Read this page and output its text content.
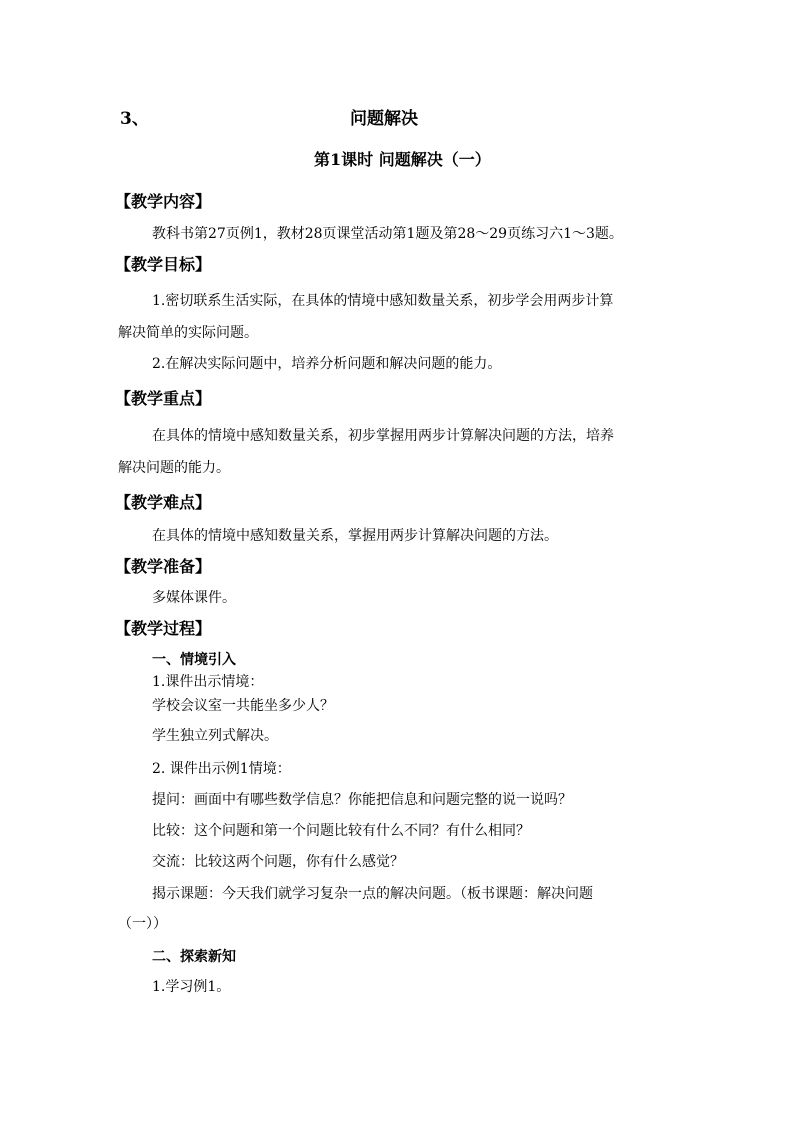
3、	问题解决
第1课时 问题解决（一）
【教学内容】
教科书第27页例1，教材28页课堂活动第1题及第28～29页练习六1～3题。
【教学目标】
1.密切联系生活实际，在具体的情境中感知数量关系，初步学会用两步计算
解决简单的实际问题。
2.在解决实际问题中，培养分析问题和解决问题的能力。
【教学重点】
在具体的情境中感知数量关系，初步掌握用两步计算解决问题的方法，培养
解决问题的能力。
【教学难点】
在具体的情境中感知数量关系，掌握用两步计算解决问题的方法。
【教学准备】
多媒体课件。
【教学过程】
一、情境引入
1.课件出示情境：
学校会议室一共能坐多少人？
学生独立列式解决。
2. 课件出示例1情境：
提问：画面中有哪些数学信息？你能把信息和问题完整的说一说吗？
比较：这个问题和第一个问题比较有什么不同？有什么相同？
交流：比较这两个问题，你有什么感觉？
揭示课题：今天我们就学习复杂一点的解决问题。（板书课题：解决问题
（一））
二、探索新知
1.学习例1。
